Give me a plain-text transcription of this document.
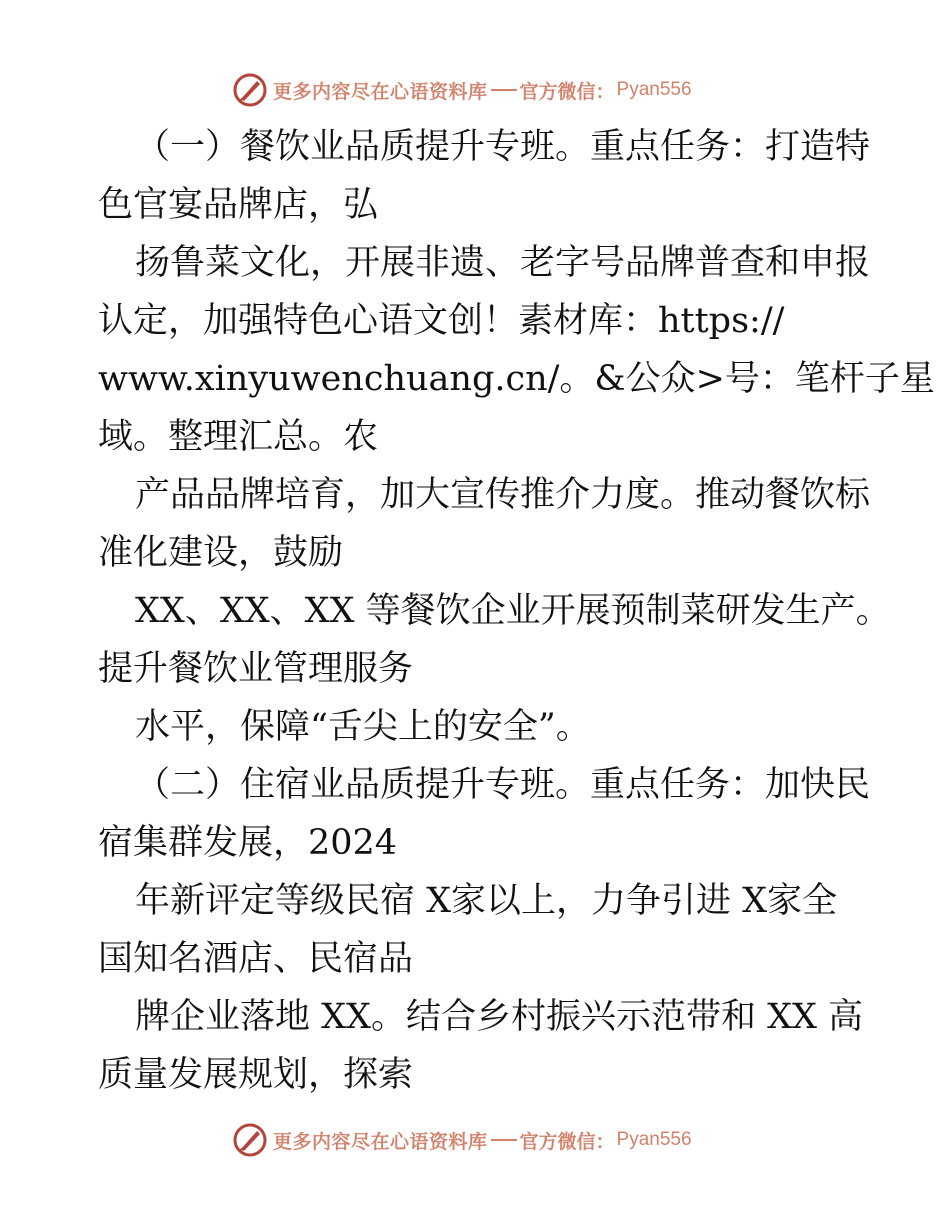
更多内容尽在心语资料库 官方微信： Pyan556
（一）餐饮业品质提升专班。重点任务：打造特
色官宴品牌店，弘
扬鲁菜文化，开展非遗、老字号品牌普查和申报
认定，加强特色心语文创！素材库：https://
www.xinyuwenchuang.cn/。&公众>号：笔杆子星
域。整理汇总。农
产品品牌培育，加大宣传推介力度。推动餐饮标
准化建设，鼓励
XX、XX、XX 等餐饮企业开展预制菜研发生产。
提升餐饮业管理服务
水平，保障“舌尖上的安全”。
（二）住宿业品质提升专班。重点任务：加快民
宿集群发展，2024
年新评定等级民宿 X家以上，力争引进 X家全
国知名酒店、民宿品
牌企业落地 XX。结合乡村振兴示范带和 XX 高
质量发展规划，探索
更多内容尽在心语资料库 官方微信： Pyan556
